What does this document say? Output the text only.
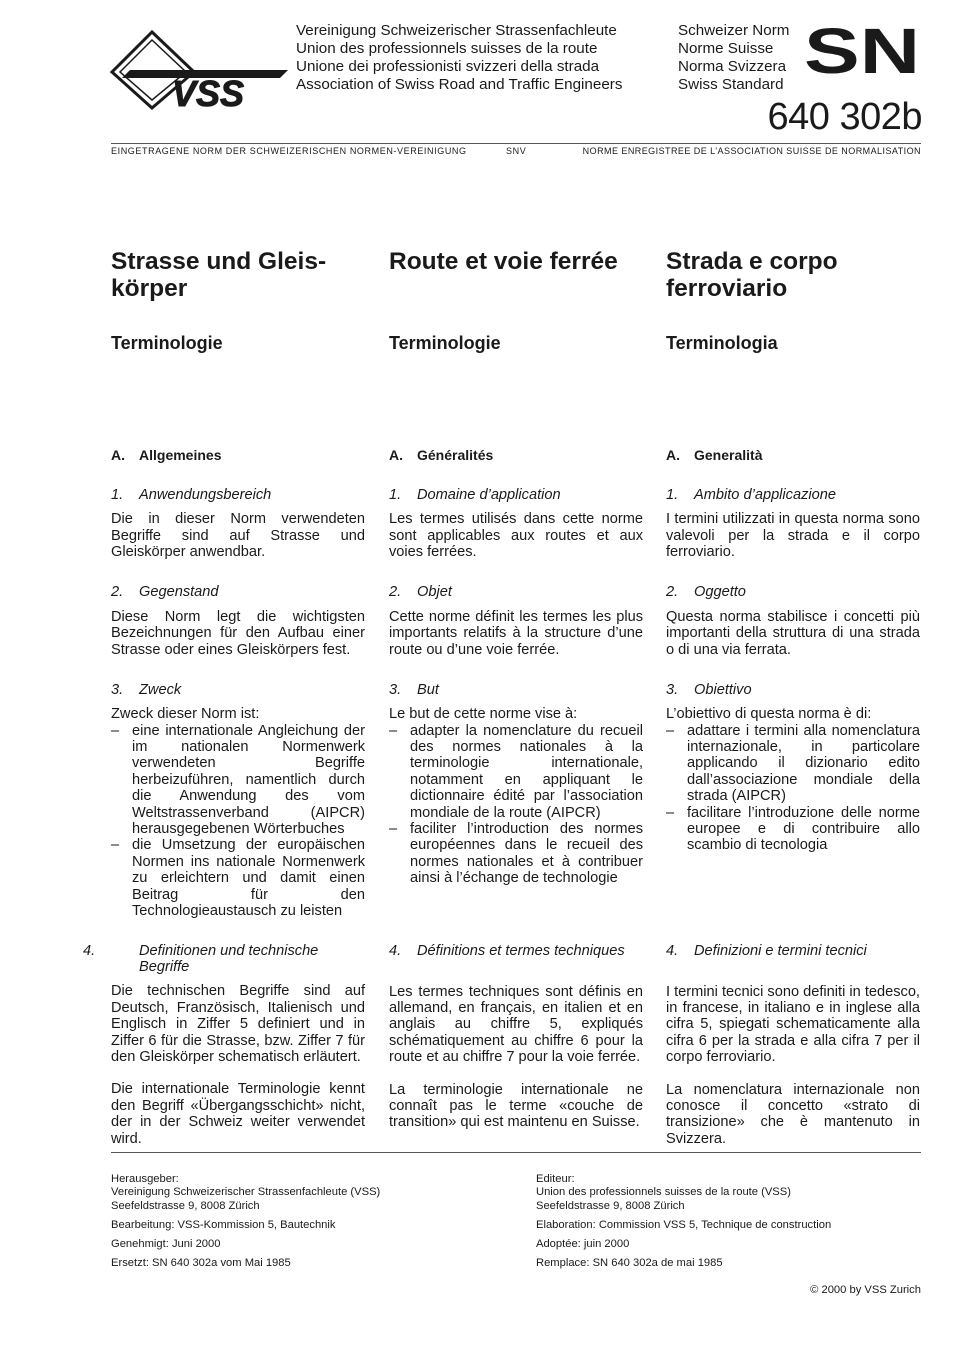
VSS
Vereinigung Schweizerischer Strassenfachleute
Union des professionnels suisses de la route
Unione dei professionisti svizzeri della strada
Association of Swiss Road and Traffic Engineers
Schweizer Norm
Norme Suisse
Norma Svizzera
Swiss Standard SN
640 302b
EINGETRAGENE NORM DER SCHWEIZERISCHEN NORMEN-VEREINIGUNG	SNV	NORME ENREGISTREE DE L’ASSOCIATION SUISSE DE NORMALISATION
Strasse und Gleis-
körper
Terminologie
A. Allgemeines
1. Anwendungsbereich
Die in dieser Norm verwendeten Begriffe sind auf Strasse und Gleiskörper anwendbar.
2. Gegenstand
Diese Norm legt die wichtigsten Bezeichnungen für den Aufbau einer Strasse oder eines Gleiskörpers fest.
3. Zweck
Zweck dieser Norm ist:
– eine internationale Angleichung der im nationalen Normenwerk verwendeten Begriffe herbeizuführen, namentlich durch die Anwendung des vom Weltstrassenverband (AIPCR) herausgegebenen Wörterbuches
– die Umsetzung der europäischen Normen ins nationale Normenwerk zu erleichtern und damit einen Beitrag für den Technologieaustausch zu leisten
4.	Definitionen und technische Begriffe
Die technischen Begriffe sind auf Deutsch, Französisch, Italienisch und Englisch in Ziffer 5 definiert und in Ziffer 6 für die Strasse, bzw. Ziffer 7 für den Gleiskörper schematisch erläutert.
Die internationale Terminologie kennt den Begriff «Übergangsschicht» nicht, der in der Schweiz weiter verwendet wird.
Route et voie ferrée
Terminologie
A. Généralités
1. Domaine d’application
Les termes utilisés dans cette norme sont applicables aux routes et aux voies ferrées.
2. Objet
Cette norme définit les termes les plus importants relatifs à la structure d’une route ou d’une voie ferrée.
3. But
Le but de cette norme vise à:
– adapter la nomenclature du recueil des normes nationales à la terminologie internationale, notamment en appliquant le dictionnaire édité par l’association mondiale de la route (AIPCR)
– faciliter l’introduction des normes européennes dans le recueil des normes nationales et à contribuer ainsi à l’échange de technologie
4. Définitions et termes techniques
Les termes techniques sont définis en allemand, en français, en italien et en anglais au chiffre 5, expliqués schématiquement au chiffre 6 pour la route et au chiffre 7 pour la voie ferrée.
La terminologie internationale ne connaît pas le terme «couche de transition» qui est maintenu en Suisse.
Strada e corpo
ferroviario
Terminologia
A. Generalità
1. Ambito d’applicazione
I termini utilizzati in questa norma sono valevoli per la strada e il corpo ferroviario.
2. Oggetto
Questa norma stabilisce i concetti più importanti della struttura di una strada o di una via ferrata.
3. Obiettivo
L’obiettivo di questa norma è di:
– adattare i termini alla nomenclatura internazionale, in particolare applicando il dizionario edito dall’associazione mondiale della strada (AIPCR)
– facilitare l’introduzione delle norme europee e di contribuire allo scambio di tecnologia
4. Definizioni e termini tecnici
I termini tecnici sono definiti in tedesco, in francese, in italiano e in inglese alla cifra 5, spiegati schematicamente alla cifra 6 per la strada e alla cifra 7 per il corpo ferroviario.
La nomenclatura internazionale non conosce il concetto «strato di transizione» che è mantenuto in Svizzera.
Herausgeber:
Vereinigung Schweizerischer Strassenfachleute (VSS)
Seefeldstrasse 9, 8008 Zürich
Bearbeitung: VSS-Kommission 5, Bautechnik
Genehmigt: Juni 2000
Ersetzt: SN 640 302a vom Mai 1985
Editeur:
Union des professionnels suisses de la route (VSS)
Seefeldstrasse 9, 8008 Zürich
Elaboration: Commission VSS 5, Technique de construction
Adoptée: juin 2000
Remplace: SN 640 302a de mai 1985
© 2000 by VSS Zurich
